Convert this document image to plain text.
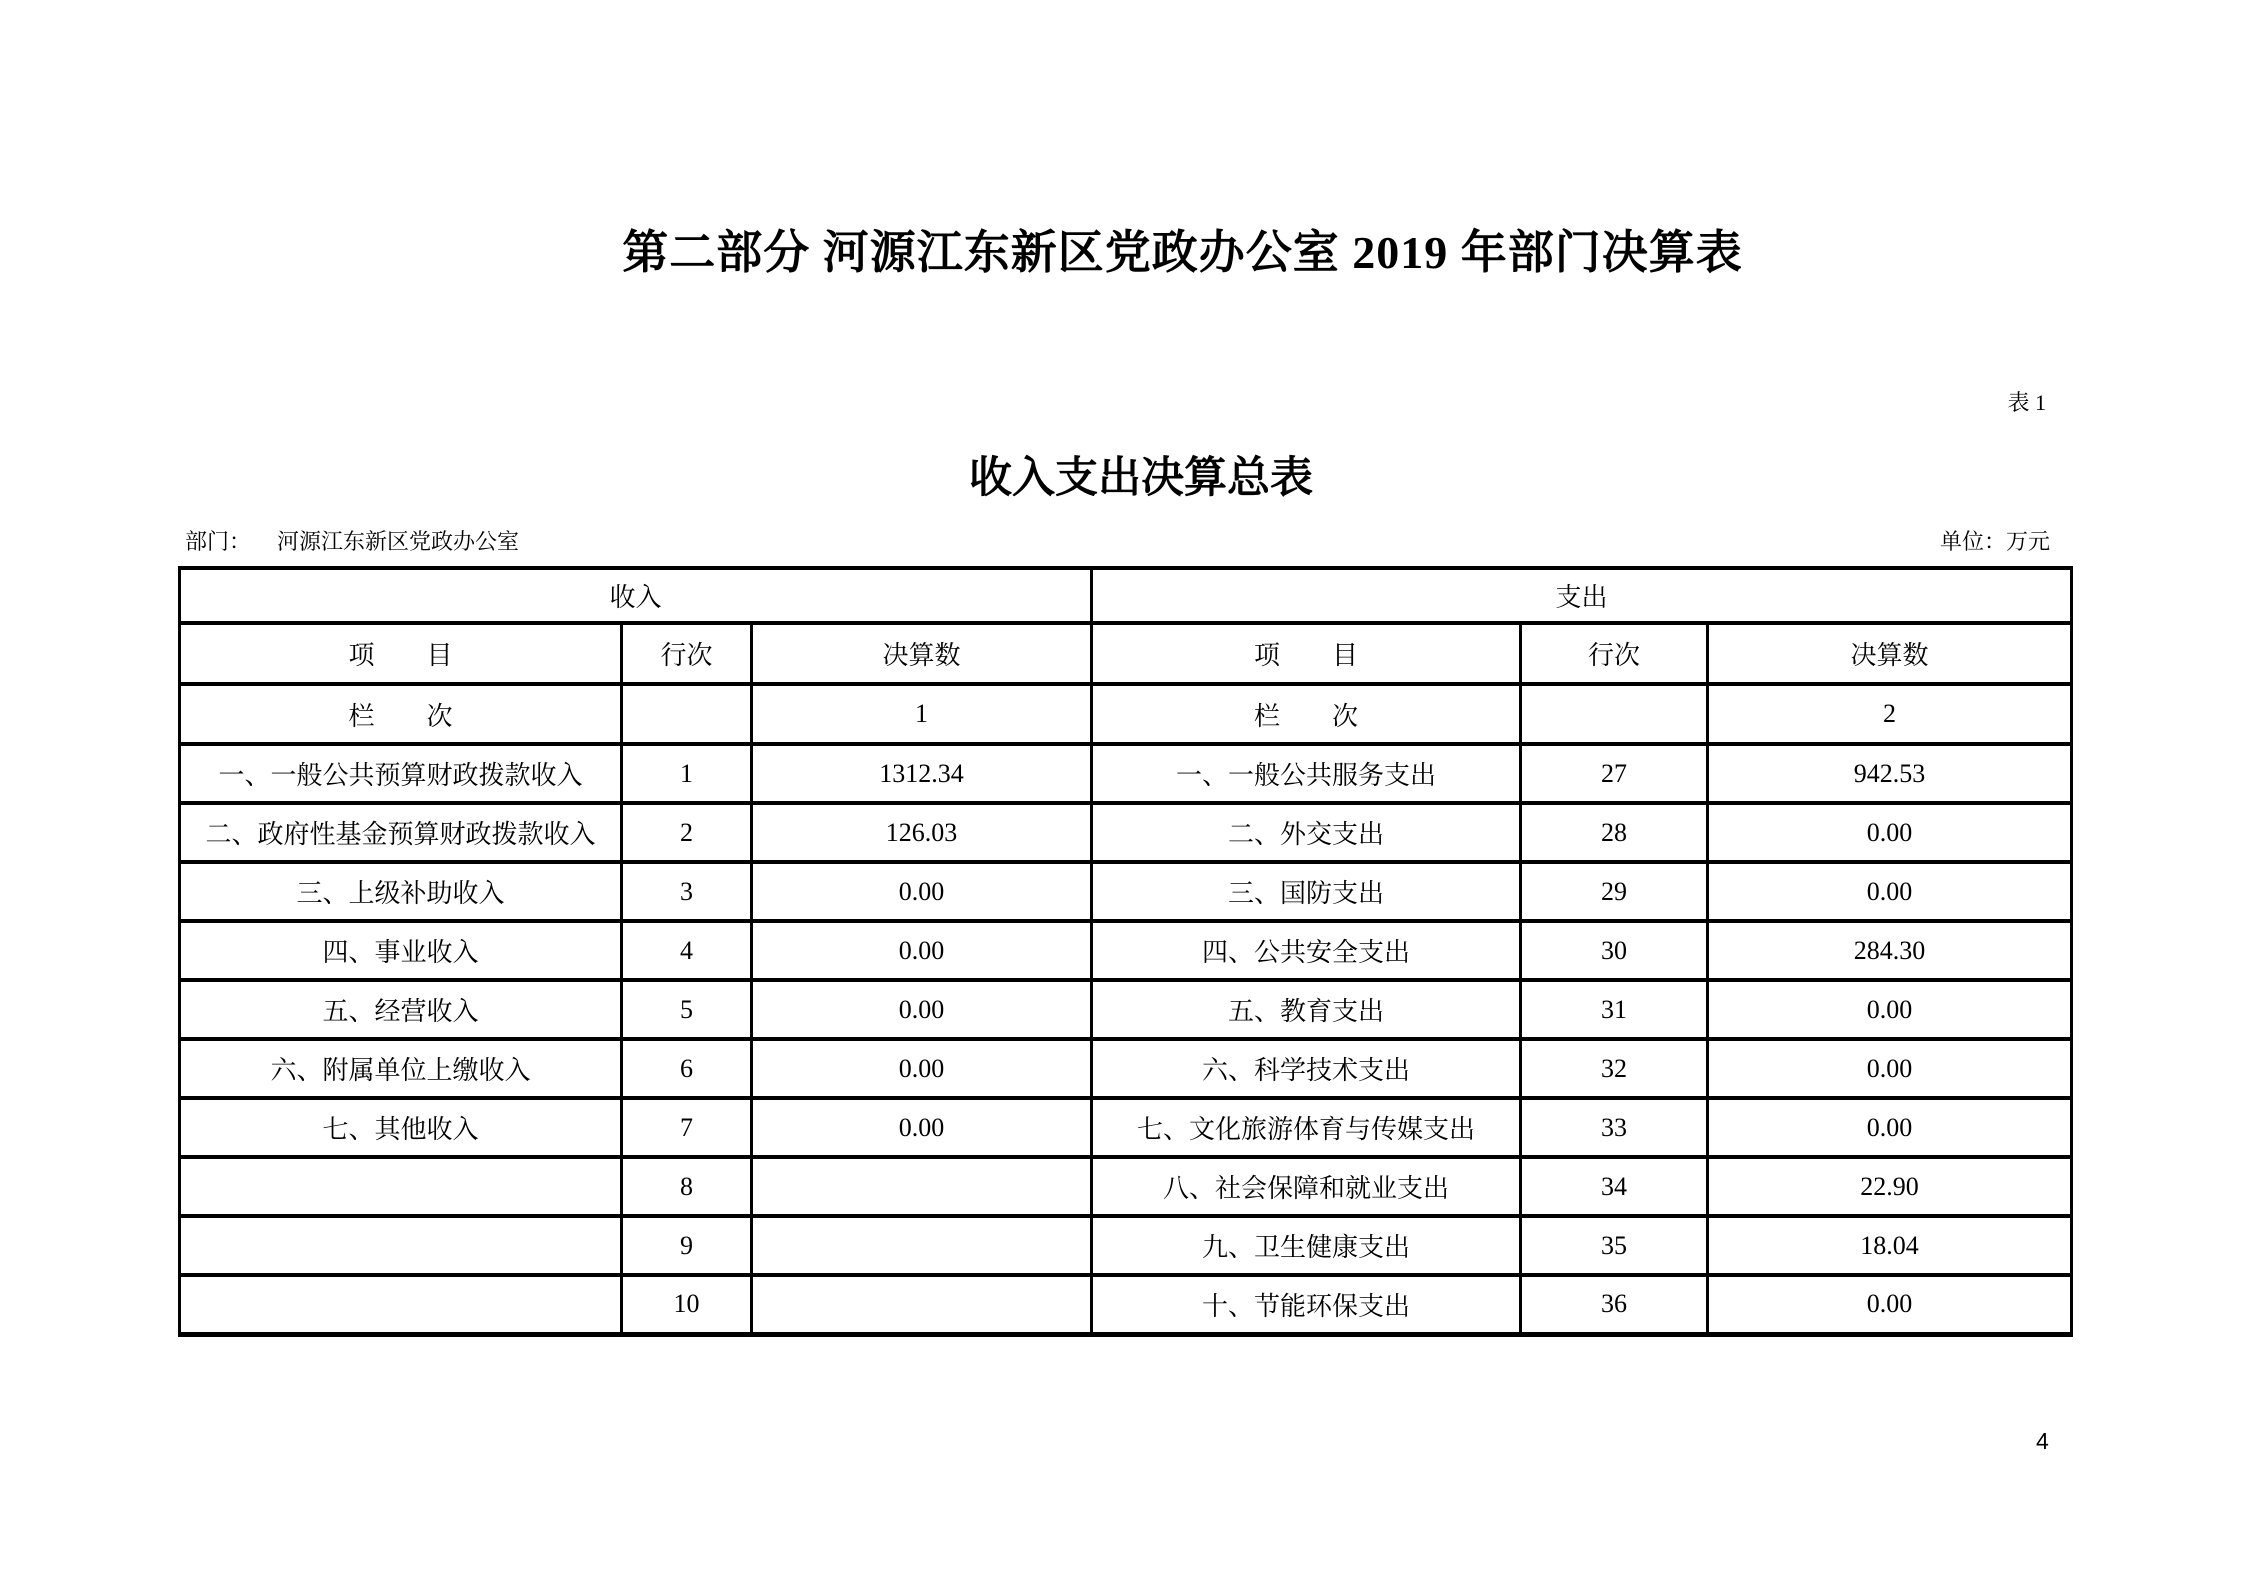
第二部分 河源江东新区党政办公室 2019 年部门决算表
表 1
收入支出决算总表
部门： 河源江东新区党政办公室	单位：万元
收入			支出		
项　　目	行次	决算数	项　　目	行次	决算数
栏　　次		1	栏　　次		2
一、一般公共预算财政拨款收入	1	1312.34	一、一般公共服务支出	27	942.53
二、政府性基金预算财政拨款收入	2	126.03	二、外交支出	28	0.00
三、上级补助收入	3	0.00	三、国防支出	29	0.00
四、事业收入	4	0.00	四、公共安全支出	30	284.30
五、经营收入	5	0.00	五、教育支出	31	0.00
六、附属单位上缴收入	6	0.00	六、科学技术支出	32	0.00
七、其他收入	7	0.00	七、文化旅游体育与传媒支出	33	0.00
	8		八、社会保障和就业支出	34	22.90
	9		九、卫生健康支出	35	18.04
	10		十、节能环保支出	36	0.00
4
